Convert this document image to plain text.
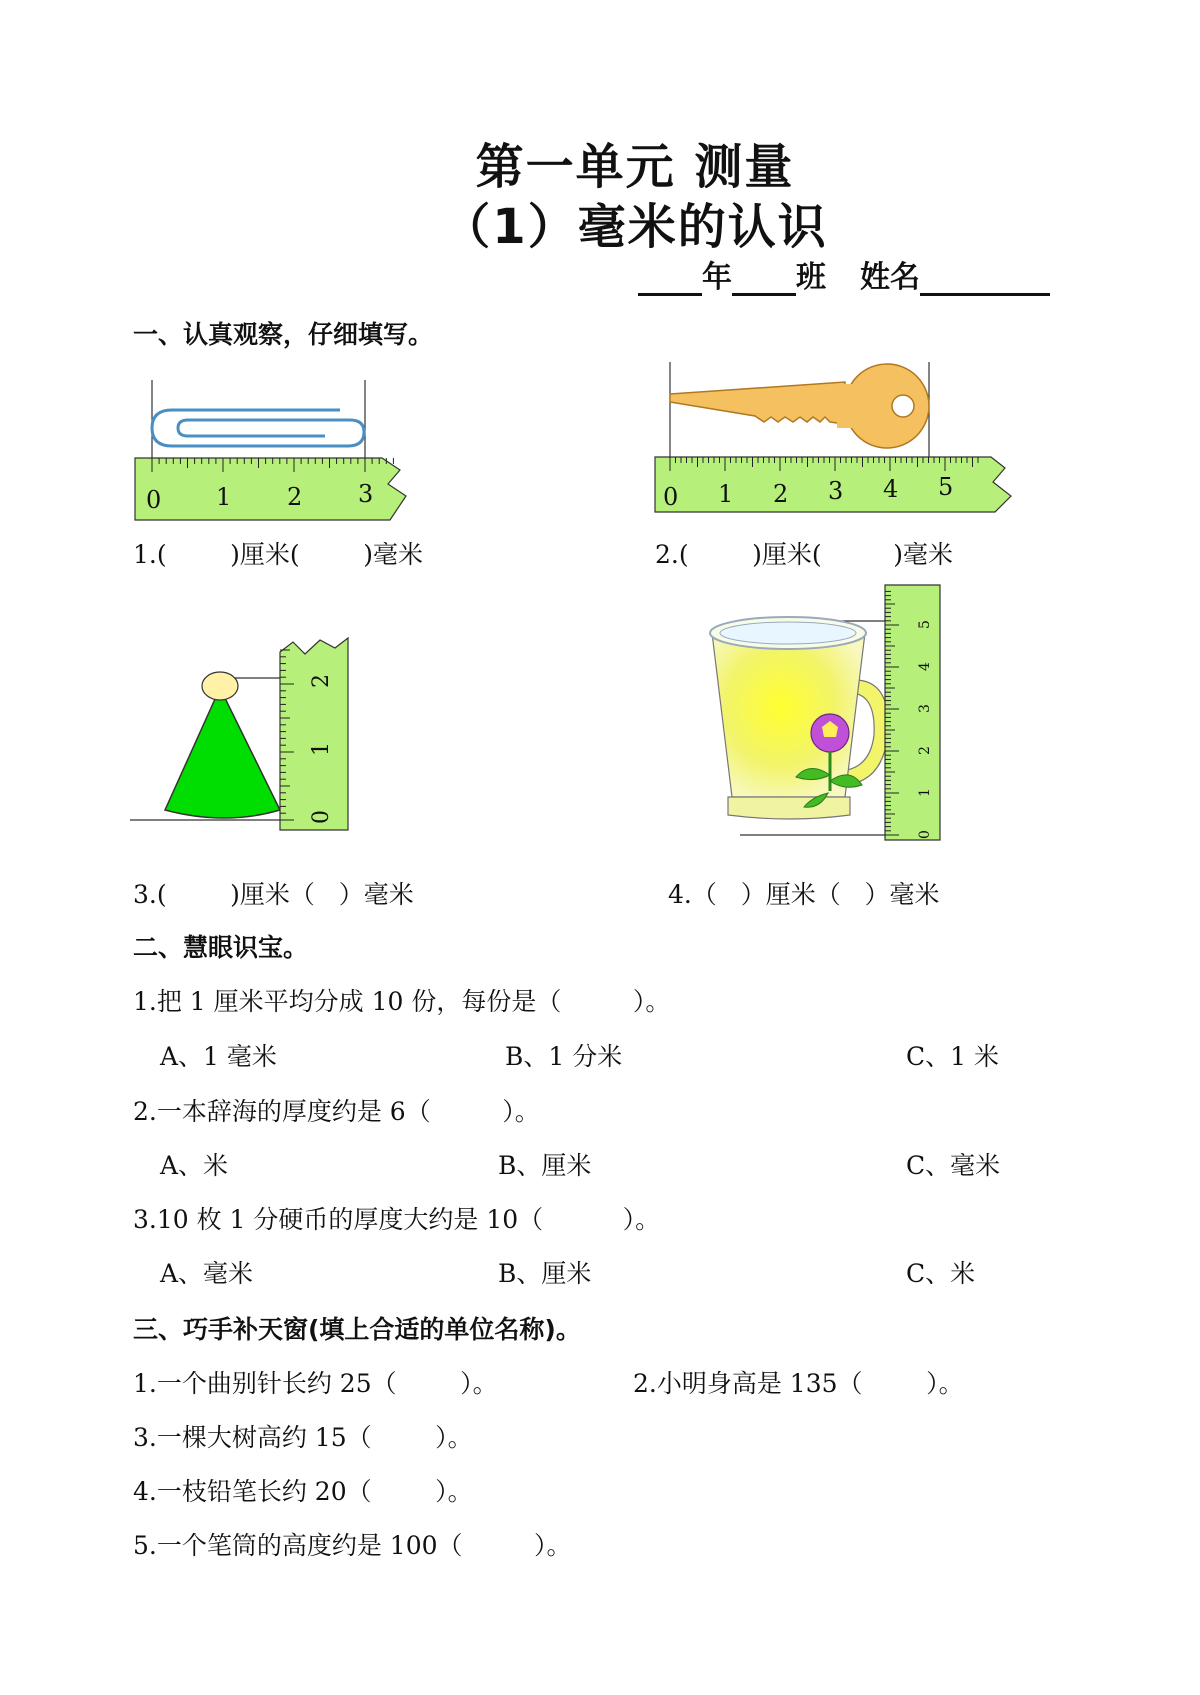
第一单元 测量
（1）毫米的认识
年 班 姓名
一、认真观察，仔细填写。
0 1 2 3	0 1 2 3 4 5
1.(        )厘米(        )毫米	2.(        )厘米(         )毫米
0
1
2
0
1
2
3
4
5
3.(        )厘米（   ）毫米	4.（   ）厘米（   ）毫米
二、慧眼识宝。
1.把 1 厘米平均分成 10 份，每份是（         ）。
A、1 毫米	B、1 分米	C、1 米
2.一本辞海的厚度约是 6（         ）。
A、米	B、厘米	C、毫米
3.10 枚 1 分硬币的厚度大约是 10（          ）。
A、毫米	B、厘米	C、米
三、巧手补天窗(填上合适的单位名称)。
1.一个曲别针长约 25（        ）。	2.小明身高是 135（        ）。
3.一棵大树高约 15（        ）。
4.一枝铅笔长约 20（        ）。
5.一个笔筒的高度约是 100（         ）。
